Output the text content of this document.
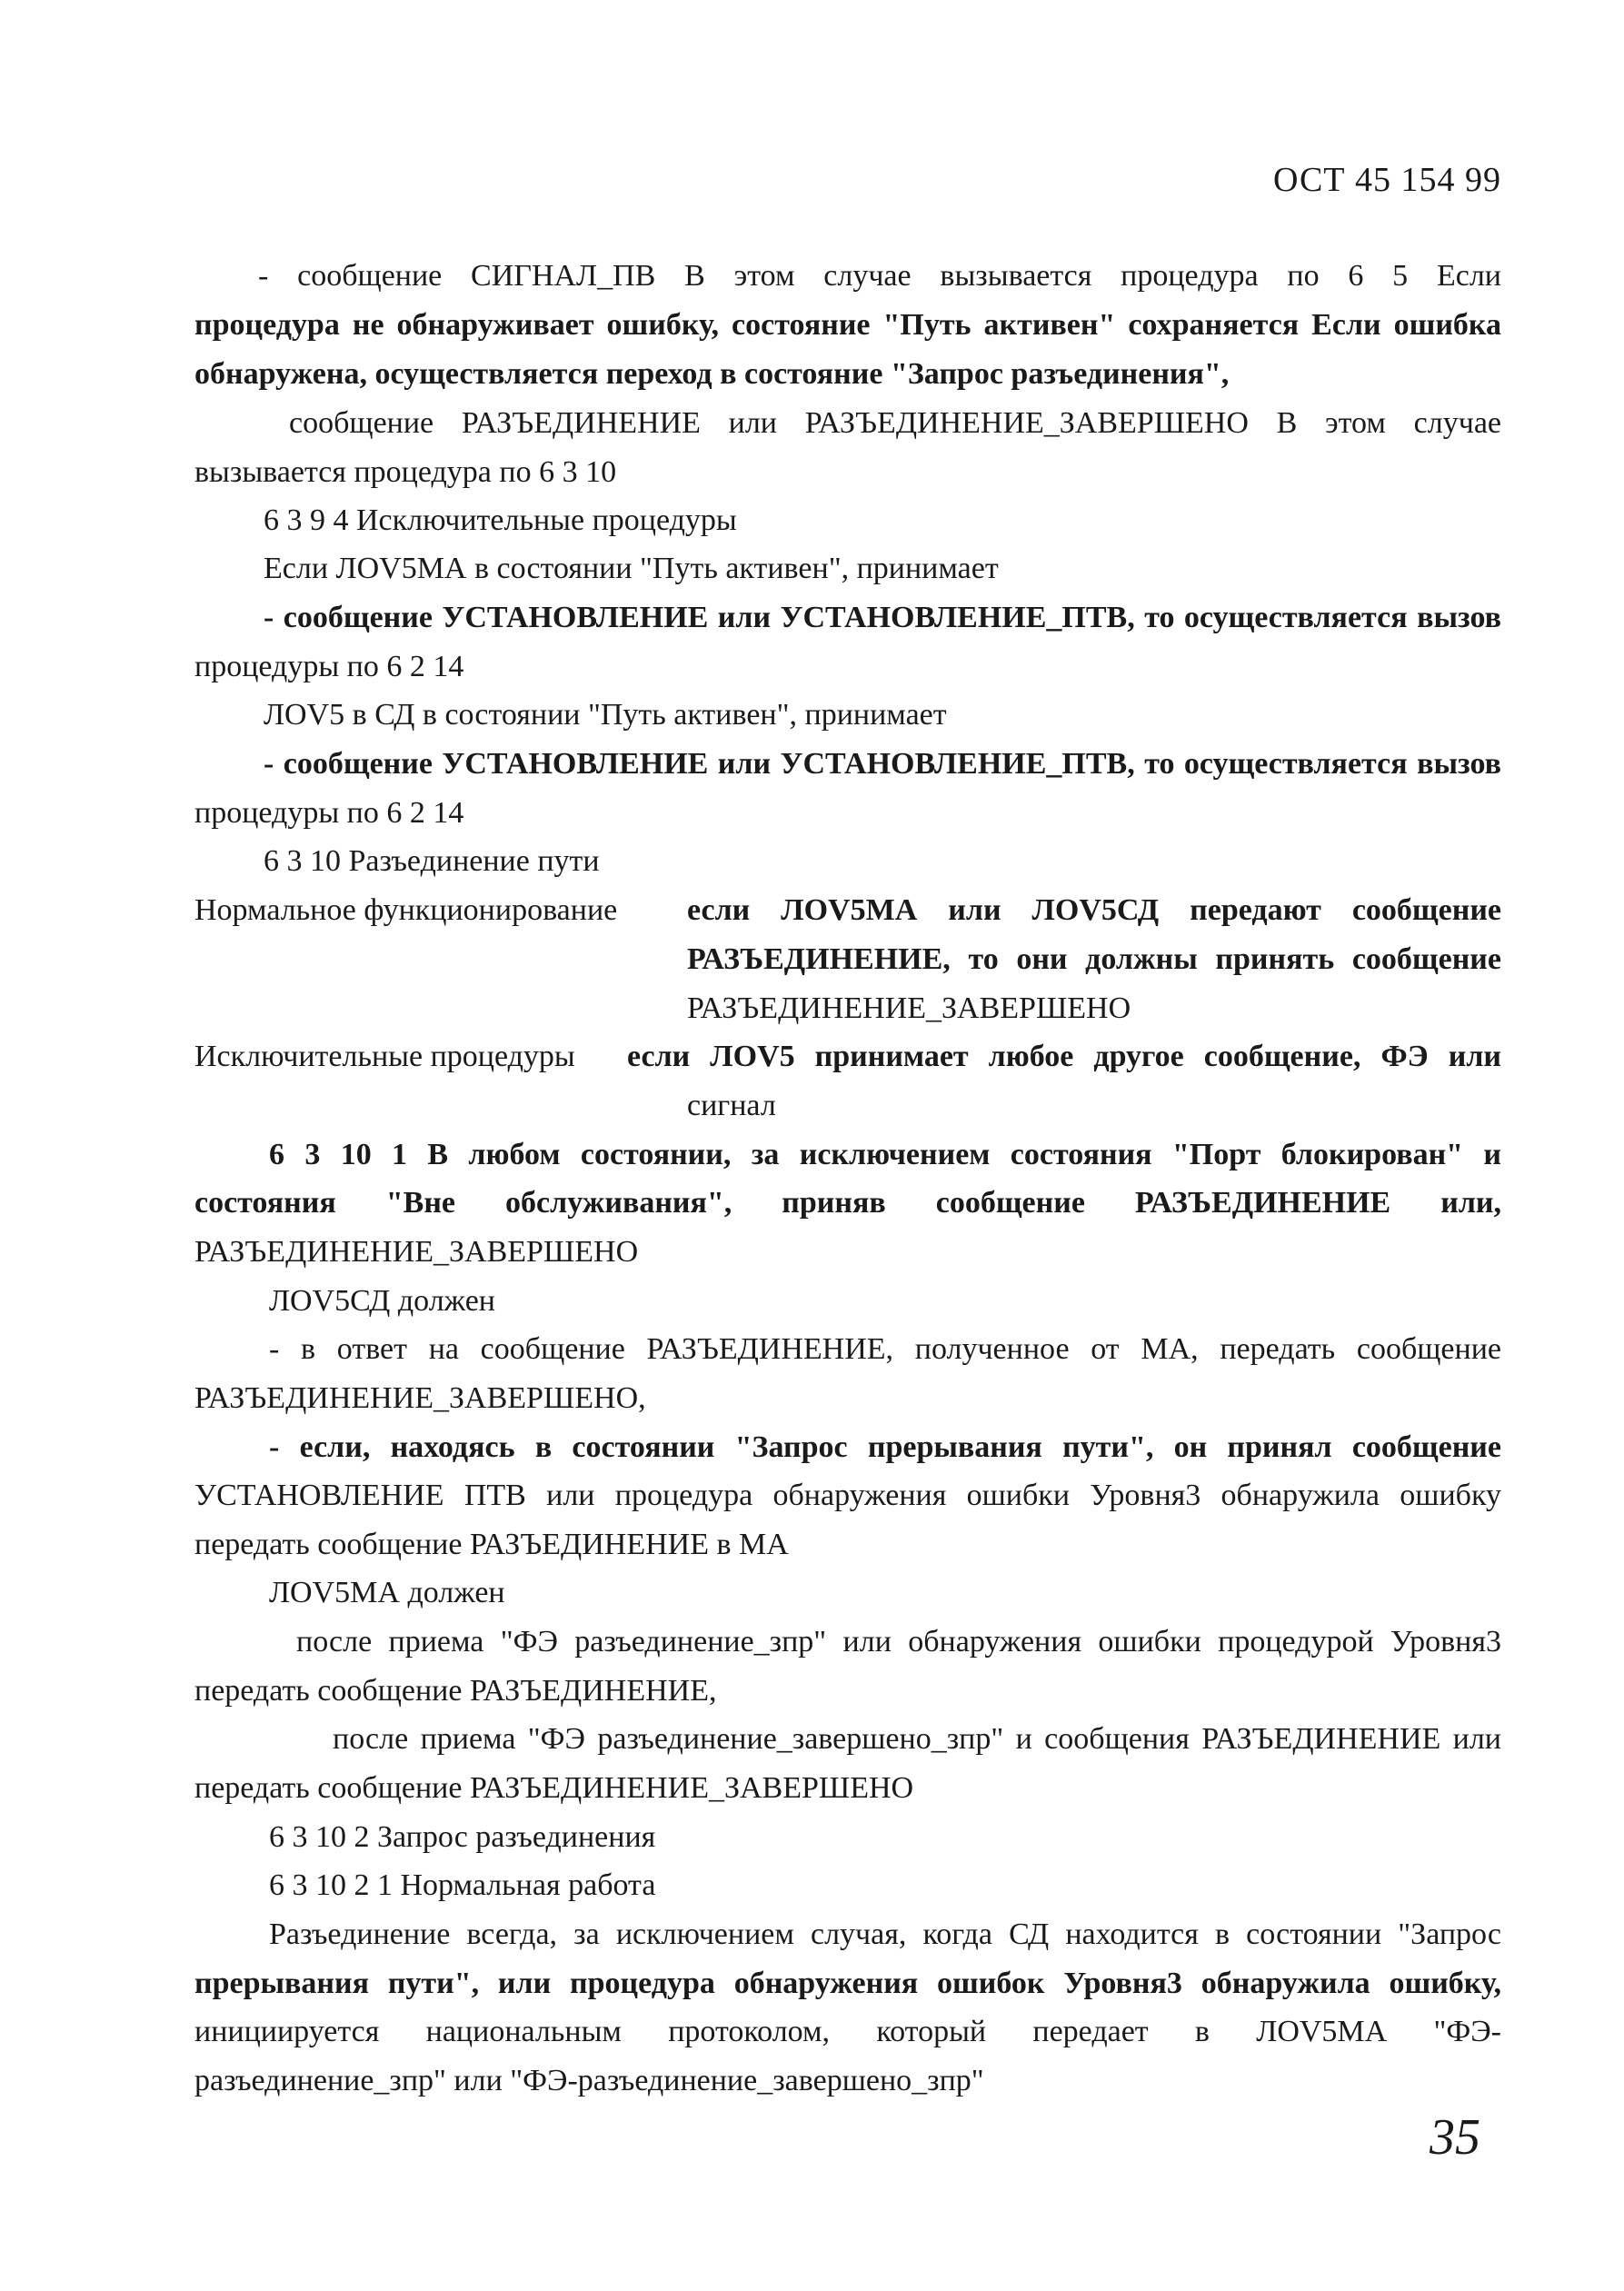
ОСТ 45 154 99
- сообщение СИГНАЛ_ПВ В этом случае вызывается процедура по 6 5 Если
процедура не обнаруживает ошибку, состояние "Путь активен" сохраняется Если ошибка
обнаружена, осуществляется переход в состояние "Запрос разъединения",
сообщение РАЗЪЕДИНЕНИЕ или РАЗЪЕДИНЕНИЕ_ЗАВЕРШЕНО В этом случае
вызывается процедура по 6 3 10
6 3 9 4 Исключительные процедуры
Если ЛОV5МА в состоянии "Путь активен", принимает
- сообщение УСТАНОВЛЕНИЕ или УСТАНОВЛЕНИЕ_ПТВ, то осуществляется вызов
процедуры по 6 2 14
ЛОV5 в СД в состоянии "Путь активен", принимает
- сообщение УСТАНОВЛЕНИЕ или УСТАНОВЛЕНИЕ_ПТВ, то осуществляется вызов
процедуры по 6 2 14
6 3 10 Разъединение пути
Нормальное функционирование если ЛОV5МА или ЛОV5СД передают сообщение
РАЗЪЕДИНЕНИЕ, то они должны принять сообщение
РАЗЪЕДИНЕНИЕ_ЗАВЕРШЕНО
Исключительные процедуры если ЛОV5 принимает любое другое сообщение, ФЭ или
сигнал
6 3 10 1 В любом состоянии, за исключением состояния "Порт блокирован" и
состояния "Вне обслуживания", приняв сообщение РАЗЪЕДИНЕНИЕ или,
РАЗЪЕДИНЕНИЕ_ЗАВЕРШЕНО
ЛОV5СД должен
- в ответ на сообщение РАЗЪЕДИНЕНИЕ, полученное от МА, передать сообщение
РАЗЪЕДИНЕНИЕ_ЗАВЕРШЕНО,
- если, находясь в состоянии "Запрос прерывания пути", он принял сообщение
УСТАНОВЛЕНИЕ ПТВ или процедура обнаружения ошибки Уровня3 обнаружила ошибку
передать сообщение РАЗЪЕДИНЕНИЕ в МА
ЛОV5МА должен
после приема "ФЭ разъединение_зпр" или обнаружения ошибки процедурой Уровня3
передать сообщение РАЗЪЕДИНЕНИЕ,
после приема "ФЭ разъединение_завершено_зпр" и сообщения РАЗЪЕДИНЕНИЕ или
передать сообщение РАЗЪЕДИНЕНИЕ_ЗАВЕРШЕНО
6 3 10 2 Запрос разъединения
6 3 10 2 1 Нормальная работа
Разъединение всегда, за исключением случая, когда СД находится в состоянии "Запрос
прерывания пути", или процедура обнаружения ошибок Уровня3 обнаружила ошибку,
инициируется национальным протоколом, который передает в ЛОV5МА "ФЭ-
разъединение_зпр" или "ФЭ-разъединение_завершено_зпр"
35
